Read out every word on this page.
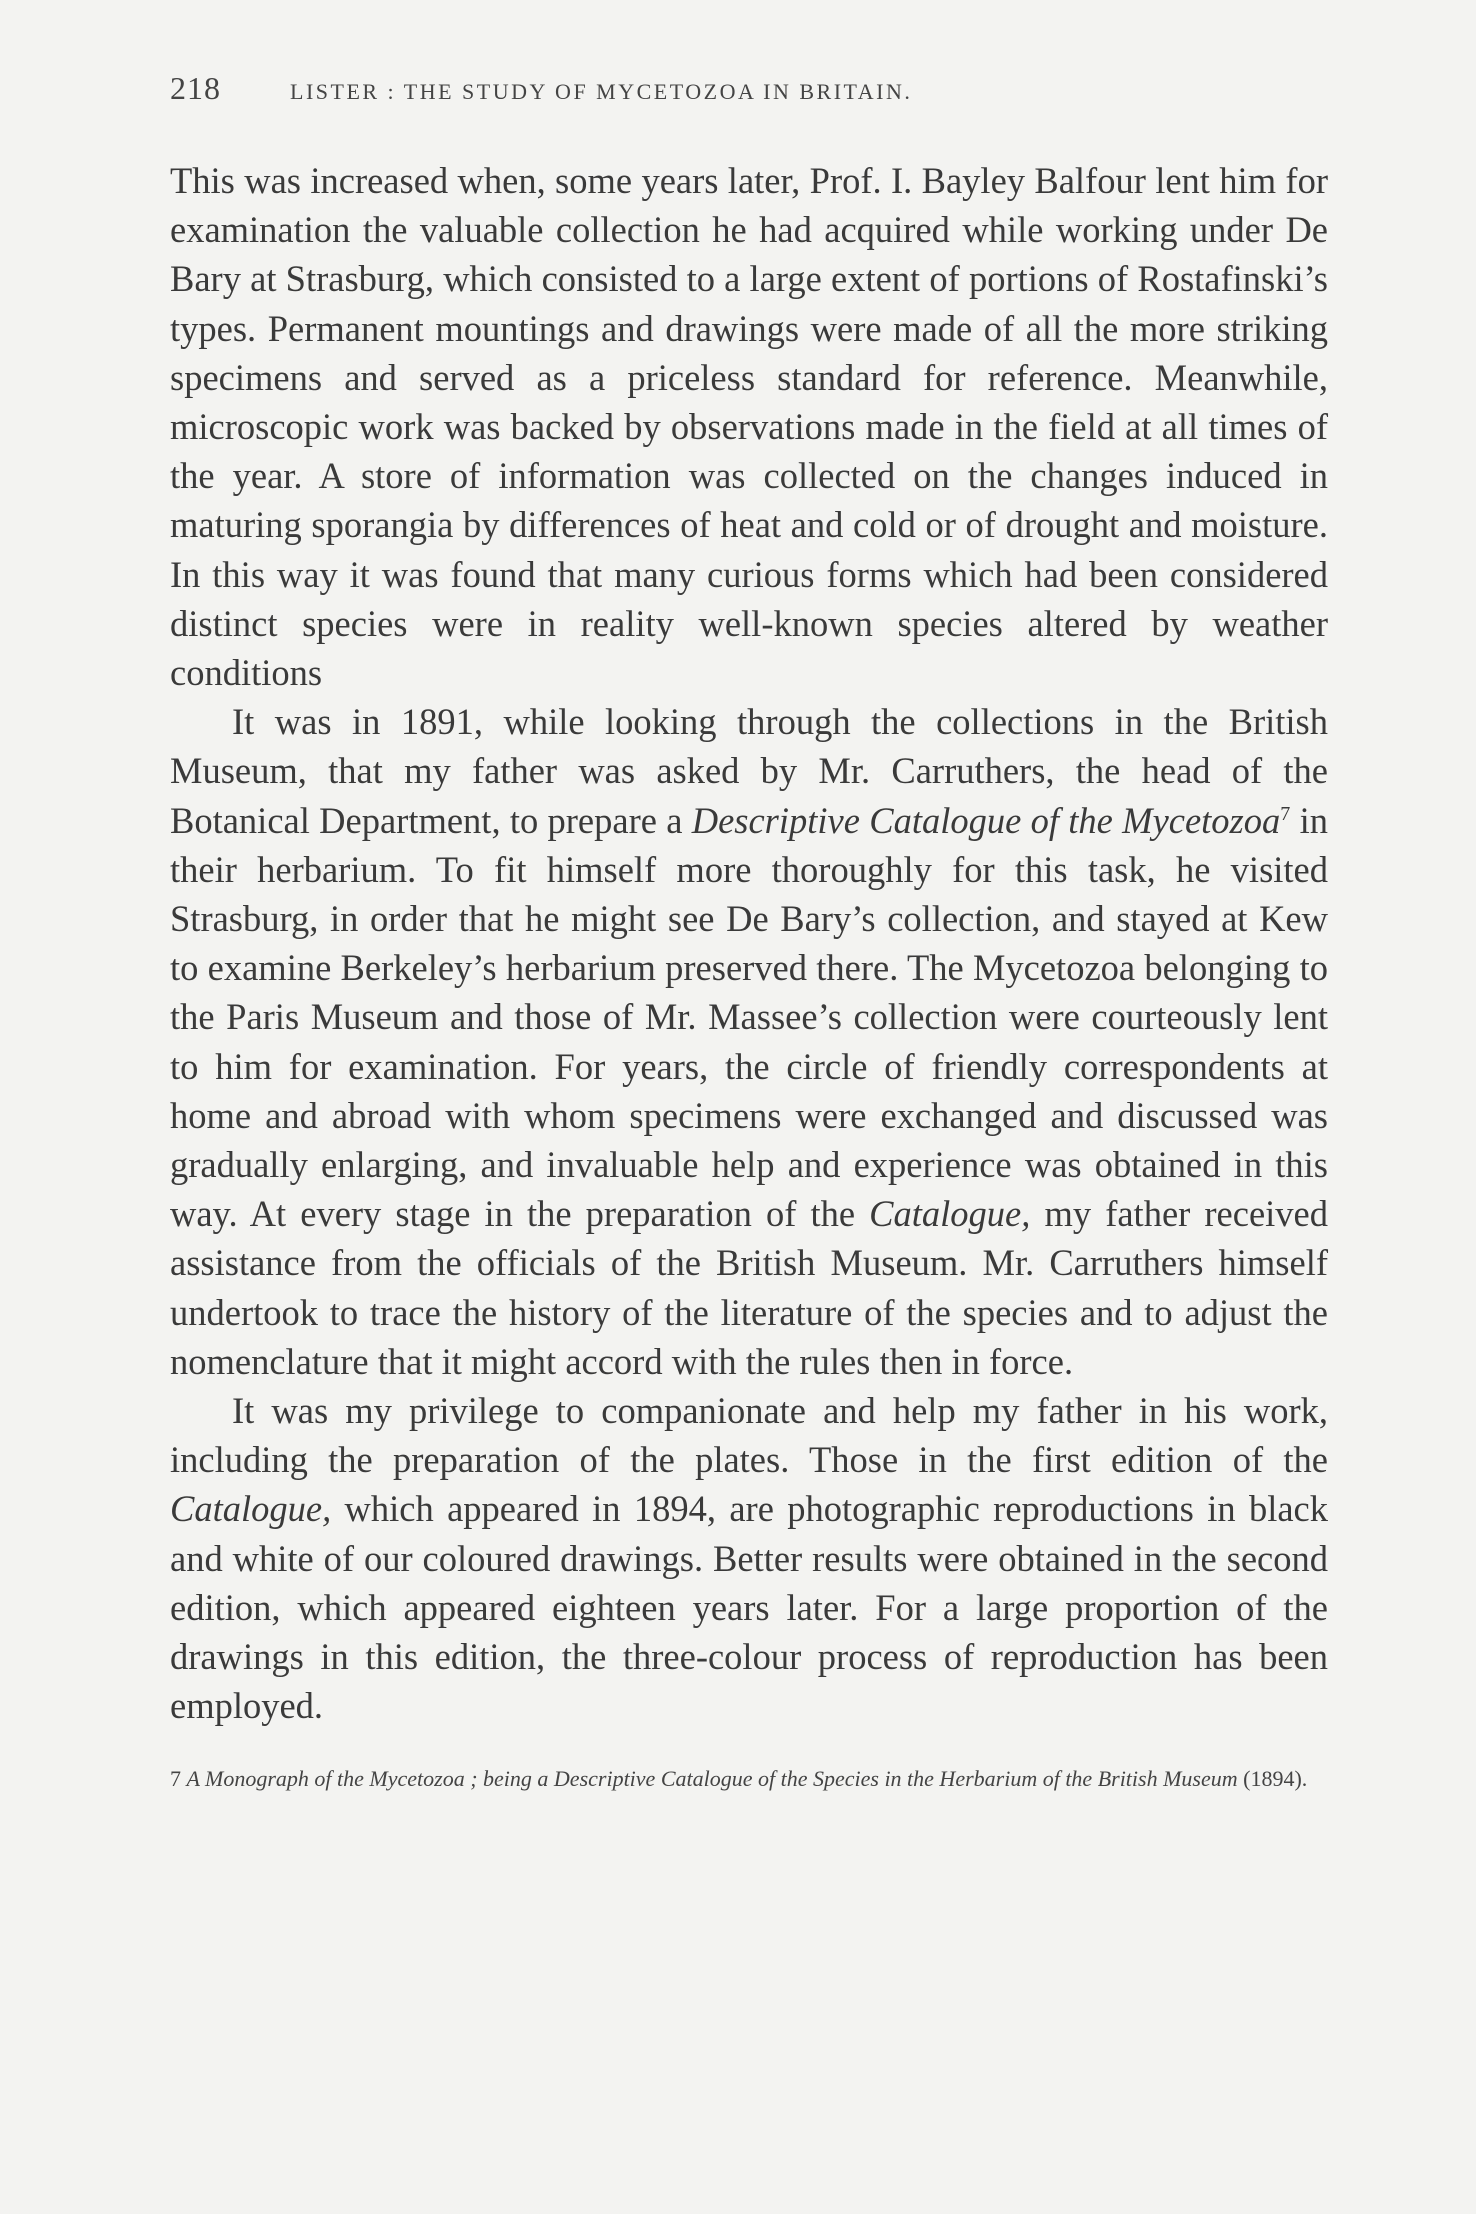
218	LISTER : THE STUDY OF MYCETOZOA IN BRITAIN.

This was increased when, some years later, Prof. I. Bayley Balfour lent him for examination the valuable collection he had acquired while working under De Bary at Strasburg, which consisted to a large extent of portions of Rostafinski’s types. Permanent mountings and drawings were made of all the more striking specimens and served as a priceless standard for reference. Meanwhile, microscopic work was backed by observations made in the field at all times of the year. A store of information was collected on the changes induced in maturing sporangia by differences of heat and cold or of drought and moisture. In this way it was found that many curious forms which had been considered distinct species were in reality well-known species altered by weather conditions

It was in 1891, while looking through the collections in the British Museum, that my father was asked by Mr. Carruthers, the head of the Botanical Department, to prepare a Descriptive Catalogue of the Mycetozoa$^7$ in their herbarium. To fit himself more thoroughly for this task, he visited Strasburg, in order that he might see De Bary’s collection, and stayed at Kew to examine Berkeley’s herbarium preserved there. The Mycetozoa belonging to the Paris Museum and those of Mr. Massee’s collection were courteously lent to him for examination. For years, the circle of friendly correspondents at home and abroad with whom specimens were exchanged and discussed was gradually enlarging, and invaluable help and experience was obtained in this way. At every stage in the preparation of the Catalogue, my father received assistance from the officials of the British Museum. Mr. Carruthers himself undertook to trace the history of the literature of the species and to adjust the nomenclature that it might accord with the rules then in force.

It was my privilege to companionate and help my father in his work, including the preparation of the plates. Those in the first edition of the Catalogue, which appeared in 1894, are photographic reproductions in black and white of our coloured drawings. Better results were obtained in the second edition, which appeared eighteen years later. For a large proportion of the drawings in this edition, the three-colour process of reproduction has been employed.

7 A Monograph of the Mycetozoa ; being a Descriptive Catalogue of the Species in the Herbarium of the British Museum (1894).
